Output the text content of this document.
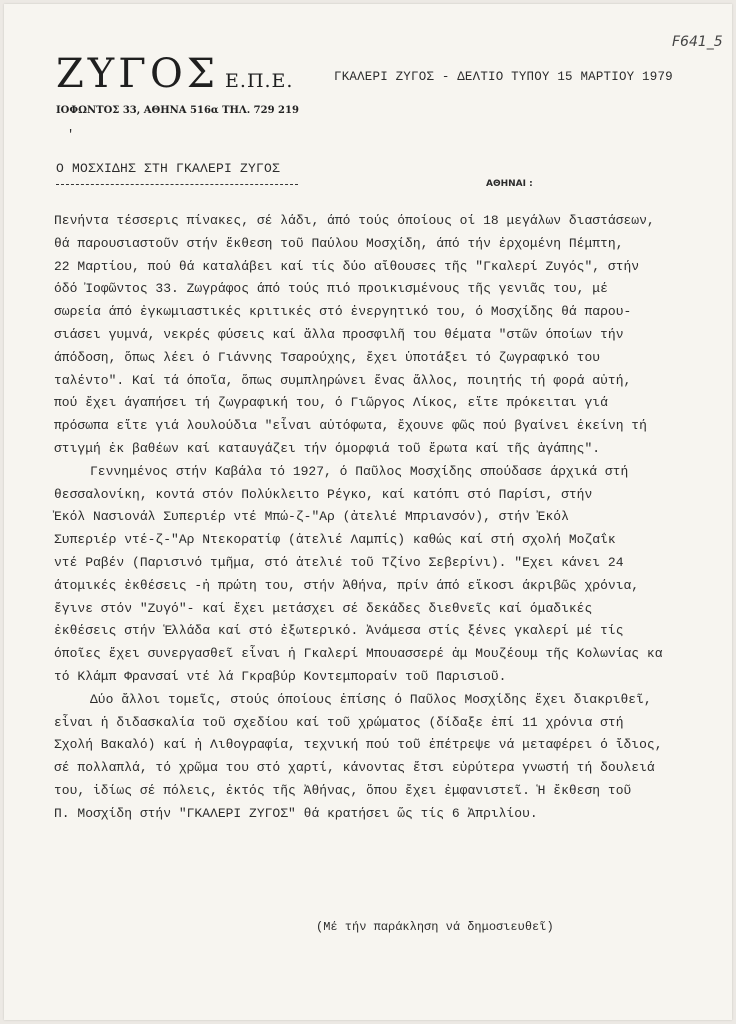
F641_5
ΖΥΓΟΣ Ε.Π.Ε.
ΙΟΦΩΝΤΟΣ 33, ΑΘΗΝΑ 516α ΤΗΛ. 729 219
ΓΚΑΛΕΡΙ ΖΥΓΟΣ - ΔΕΛΤΙΟ ΤΥΠΟΥ 15 ΜΑΡΤΙΟΥ 1979
'
Ο ΜΟΣΧΙΔΗΣ ΣΤΗ ΓΚΑΛΕΡΙ ΖΥΓΟΣ
ΑΘΗΝΑΙ :
Πενήντα τέσσερις πίνακες, σέ λάδι, άπό τούς όποίους οί 18 μεγάλων διαστάσεων,
θά παρουσιαστοῦν στήν ἔκθεση τοῦ Παύλου Μοσχίδη, άπό τήν ἐρχομένη Πέμπτη,
22 Μαρτίου, πού θά καταλάβει καί τίς δύο αἴθουσες τῆς "Γκαλερί Ζυγός", στήν
όδό Ἰοφῶντος 33. Ζωγράφος άπό τούς πιό προικισμένους τῆς γενιᾶς του, μέ
σωρεία άπό ἐγκωμιαστικές κριτικές στό ἐνεργητικό του, ό Μοσχίδης θά παρου-
σιάσει γυμνά, νεκρές φύσεις καί ἄλλα προσφιλῆ του θέματα "στῶν όποίων τήν
άπόδοση, ὅπως λέει ό Γιάννης Τσαρούχης, ἔχει ὑποτάξει τό ζωγραφικό του
ταλέντο". Καί τά όποῖα, ὅπως συμπληρώνει ἕνας ἄλλος, ποιητής τή φορά αὐτή,
πού ἔχει άγαπήσει τή ζωγραφική του, ό Γιῶργος Λίκος, εἴτε πρόκειται γιά
πρόσωπα εἴτε γιά λουλούδια "εἶναι αὐτόφωτα, ἔχουνε φῶς πού βγαίνει ἐκείνη τή
στιγμή ἐκ βαθέων καί καταυγάζει τήν όμορφιά τοῦ ἔρωτα καί τῆς ἀγάπης".
Γεννημένος στήν Καβάλα τό 1927, ό Παῦλος Μοσχίδης σπούδασε άρχικά στή
θεσσαλονίκη, κοντά στόν Πολύκλειτο Ρέγκο, καί κατόπι στό Παρίσι, στήν
Ἐκόλ Νασιονάλ Συπεριέρ ντέ Μπώ-ζ-"Αρ (ἀτελιέ Μπριανσόν), στήν Ἐκόλ
Συπεριέρ ντέ-ζ-"Αρ Ντεκορατίφ (ἀτελιέ Λαμπίς) καθώς καί στή σχολή Μοζαΐκ
ντέ Ραβέν (Παρισινό τμῆμα, στό ἀτελιέ τοῦ Τζίνο Σεβερίνι). "Εχει κάνει 24
άτομικές ἐκθέσεις -ἡ πρώτη του, στήν Ἀθήνα, πρίν άπό εἴκοσι άκριβῶς χρόνια,
ἔγινε στόν "Ζυγό"- καί ἔχει μετάσχει σέ δεκάδες διεθνεῖς καί όμαδικές
ἐκθέσεις στήν Ἑλλάδα καί στό ἐξωτερικό. Ἀνάμεσα στίς ξένες γκαλερί μέ τίς
όποῖες ἔχει συνεργασθεῖ εἶναι ἡ Γκαλερί Μπουασσερέ ἀμ Μουζέουμ τῆς Κολωνίας κα
τό Κλάμπ Φρανσαί ντέ λά Γκραβύρ Κοντεμποραίν τοῦ Παρισιοῦ.
Δύο ἄλλοι τομεῖς, στούς όποίους ἐπίσης ό Παῦλος Μοσχίδης ἔχει διακριθεῖ,
εἶναι ἡ διδασκαλία τοῦ σχεδίου καί τοῦ χρώματος (δίδαξε ἐπί 11 χρόνια στή
Σχολή Βακαλό) καί ἡ Λιθογραφία, τεχνική πού τοῦ ἐπέτρεψε νά μεταφέρει ό ἴδιος,
σέ πολλαπλά, τό χρῶμα του στό χαρτί, κάνοντας ἔτσι εὐρύτερα γνωστή τή δουλειά
του, ἰδίως σέ πόλεις, ἐκτός τῆς Ἀθήνας, ὅπου ἔχει ἐμφανιστεῖ. Ἡ ἔκθεση τοῦ
Π. Μοσχίδη στήν "ΓΚΑΛΕΡΙ ΖΥΓΟΣ" θά κρατήσει ὥς τίς 6 Ἀπριλίου.
(Μέ τήν παράκληση νά δημοσιευθεῖ)
